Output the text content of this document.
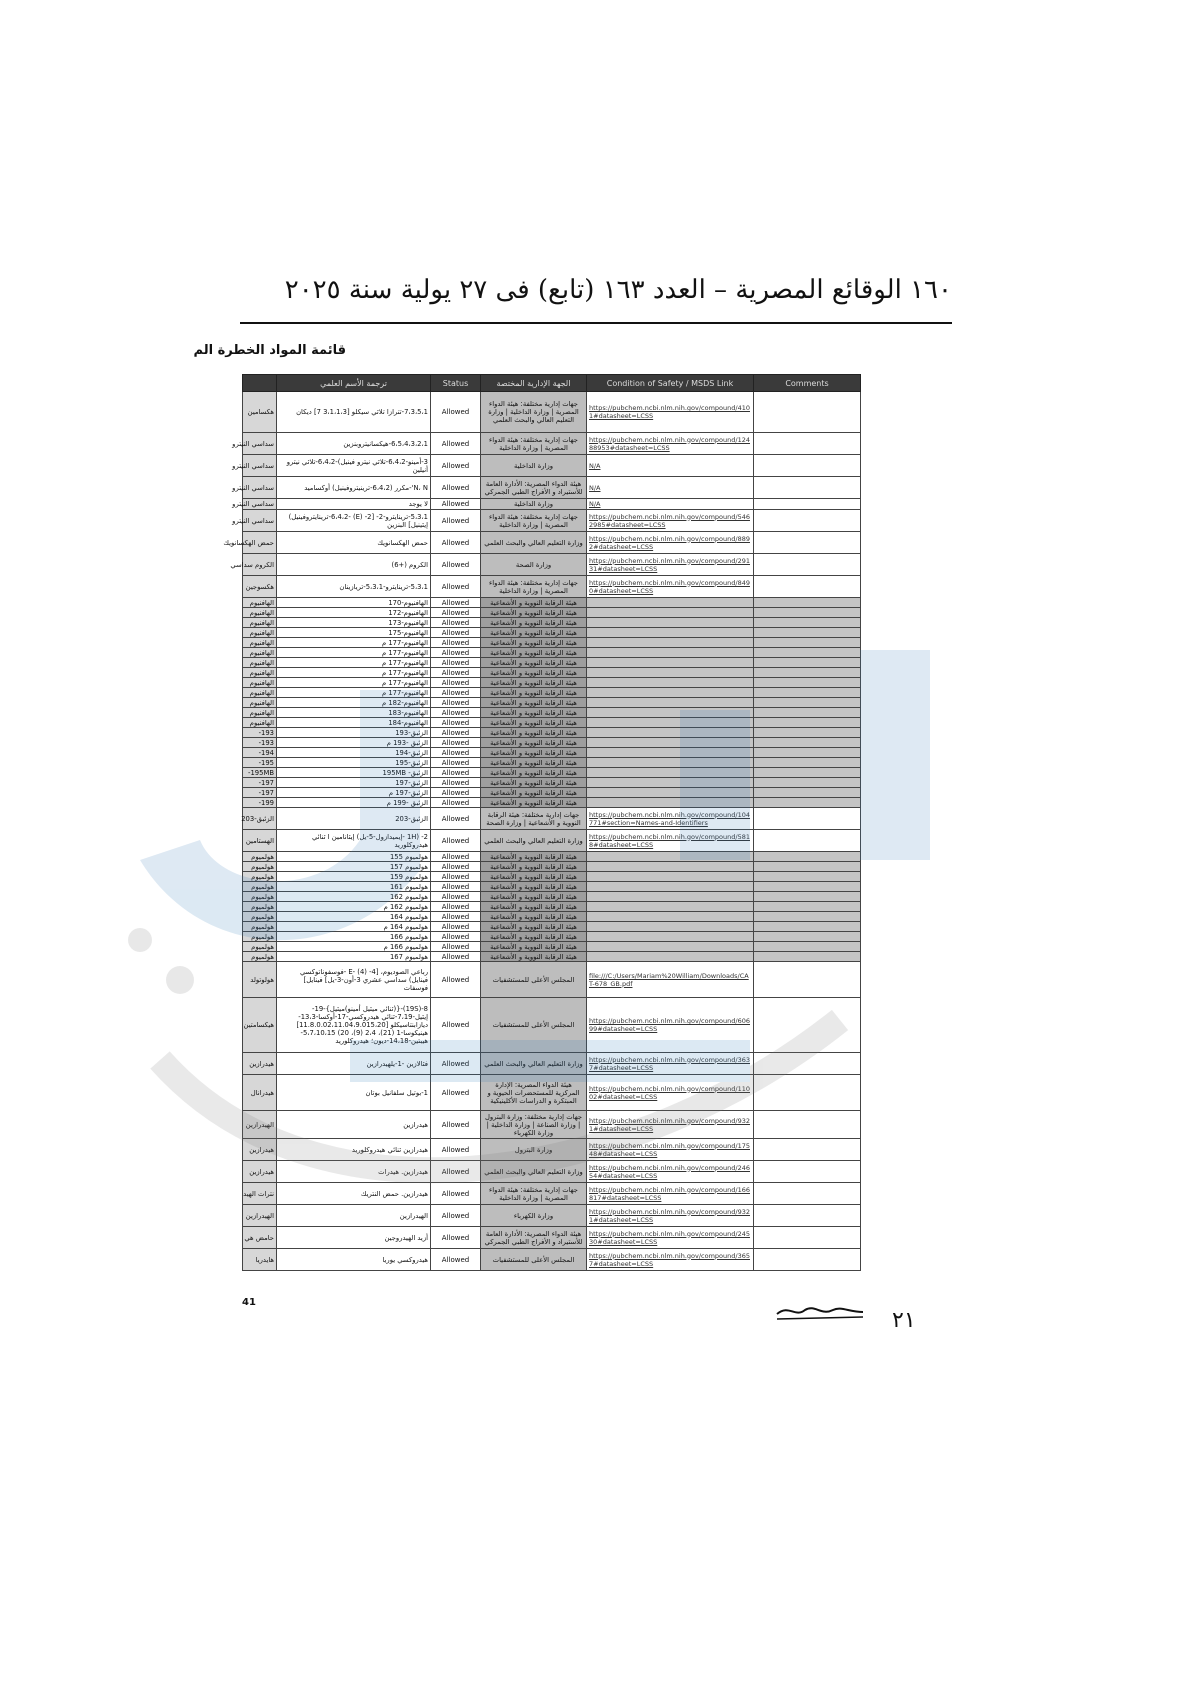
١٦٠ الوقائع المصرية – العدد ١٦٣ (تابع) فى ٢٧ يولية سنة ٢٠٢٥
قائمة المواد الخطرة الم
	ترجمة الأسم العلمي	Status	الجهة الإدارية المختصة	Condition of Safety / MSDS Link	Comments
هكسامين	7،3،5،1-تترازا تلاثي سيكلو [3،1،1،3 7] ديكان	Allowed	جهات إدارية مختلفة: هيئة الدواء المصرية | وزارة الداخلية | وزارة التعليم العالي والبحث العلمي	https://pubchem.ncbi.nlm.nih.gov/compound/4101#datasheet=LCSS	
سداسي النيترو	6،5،4،3،2،1-هيكسانيتروبنزين	Allowed	جهات إدارية مختلفة: هيئة الدواء المصرية | وزارة الداخلية	https://pubchem.ncbi.nlm.nih.gov/compound/12488953#datasheet=LCSS	
سداسي النيترو	3-أمينو-6،4،2-تلاثي نيترو فينيل)-6،4،2-تلاثي نيترو أنيلين	Allowed	وزارة الداخلية	N/A	
سداسي النيترو	N، N'-مكرر (6،4،2-ترينيتروفينيل) أوكساميد	Allowed	هيئة الدواء المصرية: الأدارة العامة للأستيراد و الأفراج الطبي الجمركي	N/A	
سداسي النيترو	لا يوجد	Allowed	وزارة الداخلية	N/A	
سداسي النيترو	5،3،1-ترينايترو-2- [2- (E) -6،4،2-ترينايتروفينيل) إيثينيل] البنزين	Allowed	جهات إدارية مختلفة: هيئة الدواء المصرية | وزارة الداخلية	https://pubchem.ncbi.nlm.nih.gov/compound/5462985#datasheet=LCSS	
حمض الهكسانويك	حمض الهكسانويك	Allowed	وزارة التعليم العالي والبحث العلمي	https://pubchem.ncbi.nlm.nih.gov/compound/8892#datasheet=LCSS	
الكروم سداسي	الكروم (+6)	Allowed	وزارة الصحة	https://pubchem.ncbi.nlm.nih.gov/compound/29131#datasheet=LCSS	
هكسوجين	5،3،1-ترينايترو-5،3،1-تريازينان	Allowed	جهات إدارية مختلفة: هيئة الدواء المصرية | وزارة الداخلية	https://pubchem.ncbi.nlm.nih.gov/compound/8490#datasheet=LCSS	
الهافنيوم	الهافنيوم-170	Allowed	هيئة الرقابة النووية و الأشعاعية		
الهافنيوم	الهافنيوم-172	Allowed	هيئة الرقابة النووية و الأشعاعية		
الهافنيوم	الهافنيوم-173	Allowed	هيئة الرقابة النووية و الأشعاعية		
الهافنيوم	الهافنيوم-175	Allowed	هيئة الرقابة النووية و الأشعاعية		
الهافنيوم	الهافنيوم-177 م	Allowed	هيئة الرقابة النووية و الأشعاعية		
الهافنيوم	الهافنيوم-177 م	Allowed	هيئة الرقابة النووية و الأشعاعية		
الهافنيوم	الهافنيوم-177 م	Allowed	هيئة الرقابة النووية و الأشعاعية		
الهافنيوم	الهافنيوم-177 م	Allowed	هيئة الرقابة النووية و الأشعاعية		
الهافنيوم	الهافنيوم-177 م	Allowed	هيئة الرقابة النووية و الأشعاعية		
الهافنيوم	الهافنيوم-177 م	Allowed	هيئة الرقابة النووية و الأشعاعية		
الهافنيوم	الهافنيوم-182 م	Allowed	هيئة الرقابة النووية و الأشعاعية		
الهافنيوم	الهافنيوم-183	Allowed	هيئة الرقابة النووية و الأشعاعية		
الهافنيوم	الهافنيوم-184	Allowed	هيئة الرقابة النووية و الأشعاعية		
193-	الزئبق-193	Allowed	هيئة الرقابة النووية و الأشعاعية		
193-	الزئبق -193 م	Allowed	هيئة الرقابة النووية و الأشعاعية		
194-	الزئبق-194	Allowed	هيئة الرقابة النووية و الأشعاعية		
195-	الزئبق-195	Allowed	هيئة الرقابة النووية و الأشعاعية		
195MB-	الزئبق- 195MB	Allowed	هيئة الرقابة النووية و الأشعاعية		
197-	الزئبق-197	Allowed	هيئة الرقابة النووية و الأشعاعية		
197-	الزئبق-197 م	Allowed	هيئة الرقابة النووية و الأشعاعية		
199-	الزئبق -199 م	Allowed	هيئة الرقابة النووية و الأشعاعية		
الزئبق-203	الزئبق-203	Allowed	جهات إدارية مختلفة: هيئة الرقابة النووية و الأشعاعية | وزارة الصحة	https://pubchem.ncbi.nlm.nih.gov/compound/104771#section=Names-and-Identifiers	
الهستامين	2- (1H -إيميدازول-5-يل) إيثانامين ا ثنائي هيدروكلوريد	Allowed	وزارة التعليم العالي والبحث العلمي	https://pubchem.ncbi.nlm.nih.gov/compound/5818#datasheet=LCSS	
هولميوم	هولميوم 155	Allowed	هيئة الرقابة النووية و الأشعاعية		
هولميوم	هولميوم 157	Allowed	هيئة الرقابة النووية و الأشعاعية		
هولميوم	هولميوم 159	Allowed	هيئة الرقابة النووية و الأشعاعية		
هولميوم	هولميوم 161	Allowed	هيئة الرقابة النووية و الأشعاعية		
هولميوم	هولميوم 162	Allowed	هيئة الرقابة النووية و الأشعاعية		
هولميوم	هولميوم 162 م	Allowed	هيئة الرقابة النووية و الأشعاعية		
هولميوم	هولميوم 164	Allowed	هيئة الرقابة النووية و الأشعاعية		
هولميوم	هولميوم 164 م	Allowed	هيئة الرقابة النووية و الأشعاعية		
هولميوم	هولميوم 166	Allowed	هيئة الرقابة النووية و الأشعاعية		
هولميوم	هولميوم 166 م	Allowed	هيئة الرقابة النووية و الأشعاعية		
هولميوم	هولميوم 167	Allowed	هيئة الرقابة النووية و الأشعاعية		
هولوتولد	رباعي الصوديوم، [4- (4) -E -فوسفوناتوكسي فينايل) سداسي عشري 3-أون-3-يل] فينايل] فوسفات	Allowed	المجلس الأعلى للمستشفيات	file:///C:/Users/Mariam%20William/Downloads/CAT-678_GB.pdf	
هيكسامتين	8-(19S)-{(ثنائي ميثيل أمينو)ميثيل}-19-إيثيل-7،19-ثنائي هيدروكسي-17-أوكسا-13،3-ديازابنتاسيكلو [11.8.0.02،11.04،9.015،20] هينيكوسا-1 (21)، 2،4 (9)، 20) 5،7،10،15-هيبتين-14،18-ديون؛ هيدروكلوريد	Allowed	المجلس الأعلى للمستشفيات	https://pubchem.ncbi.nlm.nih.gov/compound/60699#datasheet=LCSS	
هيدرازين	فثالازين -1-يلهيدرازين	Allowed	وزارة التعليم العالي والبحث العلمي	https://pubchem.ncbi.nlm.nih.gov/compound/3637#datasheet=LCSS	
هيدرانال	1-بوتيل سلفانيل بوتان	Allowed	هيئة الدواء المصرية: الإدارة المركزية للمستحضرات الحيوية و المبتكرة و الدراسات الأكلينيكية	https://pubchem.ncbi.nlm.nih.gov/compound/11002#datasheet=LCSS	
الهيدرازين	هيدرازين	Allowed	جهات إدارية مختلفة: وزارة البترول | وزارة الصناعة | وزارة الداخلية | وزارة الكهرباء	https://pubchem.ncbi.nlm.nih.gov/compound/9321#datasheet=LCSS	
هيدرازين	هيدرازين ثنائي هيدروكلوريد	Allowed	وزارة البترول	https://pubchem.ncbi.nlm.nih.gov/compound/17548#datasheet=LCSS	
هيدرازين	هيدرازين. هيدرات	Allowed	وزارة التعليم العالي والبحث العلمي	https://pubchem.ncbi.nlm.nih.gov/compound/24654#datasheet=LCSS	
نترات الهيد	هيدرازين. حمض النتريك	Allowed	جهات إدارية مختلفة: هيئة الدواء المصرية | وزارة الداخلية	https://pubchem.ncbi.nlm.nih.gov/compound/166817#datasheet=LCSS	
الهيدرازين	الهيدرازين	Allowed	وزارة الكهرباء	https://pubchem.ncbi.nlm.nih.gov/compound/9321#datasheet=LCSS	
حامض هي	أزيد الهيدروجين	Allowed	هيئة الدواء المصرية: الأدارة العامة للأستيراد و الأفراج الطبي الجمركي	https://pubchem.ncbi.nlm.nih.gov/compound/24530#datasheet=LCSS	
هايدريا	هيدروكسي يوريا	Allowed	المجلس الأعلى للمستشفيات	https://pubchem.ncbi.nlm.nih.gov/compound/3657#datasheet=LCSS	
41
٢١
